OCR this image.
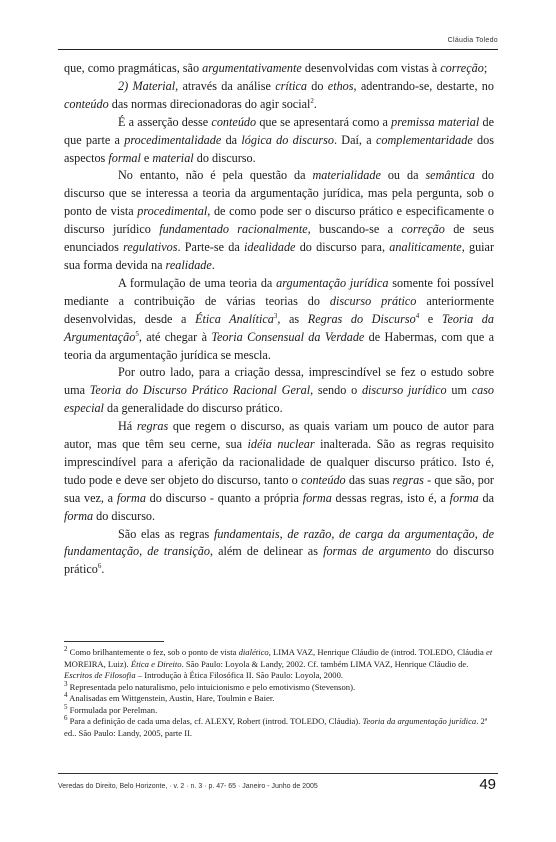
Cláudia Toledo

que, como pragmáticas, são argumentativamente desenvolvidas com vistas à correção;

2) Material, através da análise crítica do ethos, adentrando-se, destarte, no conteúdo das normas direcionadoras do agir social$^2$.

É a asserção desse conteúdo que se apresentará como a premissa material de que parte a procedimentalidade da lógica do discurso. Daí, a complementaridade dos aspectos formal e material do discurso.

No entanto, não é pela questão da materialidade ou da semântica do discurso que se interessa a teoria da argumentação jurídica, mas pela pergunta, sob o ponto de vista procedimental, de como pode ser o discurso prático e especificamente o discurso jurídico fundamentado racionalmente, buscando-se a correção de seus enunciados regulativos. Parte-se da idealidade do discurso para, analiticamente, guiar sua forma devida na realidade.

A formulação de uma teoria da argumentação jurídica somente foi possível mediante a contribuição de várias teorias do discurso prático anteriormente desenvolvidas, desde a Ética Analítica$^3$, as Regras do Discurso$^4$ e Teoria da Argumentação$^5$, até chegar à Teoria Consensual da Verdade de Habermas, com que a teoria da argumentação jurídica se mescla.

Por outro lado, para a criação dessa, imprescindível se fez o estudo sobre uma Teoria do Discurso Prático Racional Geral, sendo o discurso jurídico um caso especial da generalidade do discurso prático.

Há regras que regem o discurso, as quais variam um pouco de autor para autor, mas que têm seu cerne, sua idéia nuclear inalterada. São as regras requisito imprescindível para a aferição da racionalidade de qualquer discurso prático. Isto é, tudo pode e deve ser objeto do discurso, tanto o conteúdo das suas regras - que são, por sua vez, a forma do discurso - quanto a própria forma dessas regras, isto é, a forma da forma do discurso.

São elas as regras fundamentais, de razão, de carga da argumentação, de fundamentação, de transição, além de delinear as formas de argumento do discurso prático$^6$.

$^2$ Como brilhantemente o fez, sob o ponto de vista dialético, LIMA VAZ, Henrique Cláudio de (introd. TOLEDO, Cláudia et MOREIRA, Luiz). Ética e Direito. São Paulo: Loyola & Landy, 2002. Cf. também LIMA VAZ, Henrique Cláudio de. Escritos de Filosofia – Introdução à Ética Filosófica II. São Paulo: Loyola, 2000.

$^3$ Representada pelo naturalismo, pelo intuicionismo e pelo emotivismo (Stevenson).

$^4$ Analisadas em Wittgenstein, Austin, Hare, Toulmin e Baier.

$^5$ Formulada por Perelman.

$^6$ Para a definição de cada uma delas, cf. ALEXY, Robert (introd. TOLEDO, Cláudia). Teoria da argumentação jurídica. 2ª ed.. São Paulo: Landy, 2005, parte II.

Veredas do Direito, Belo Horizonte, · v. 2 · n. 3 · p. 47- 65 · Janeiro - Junho de 2005	49
